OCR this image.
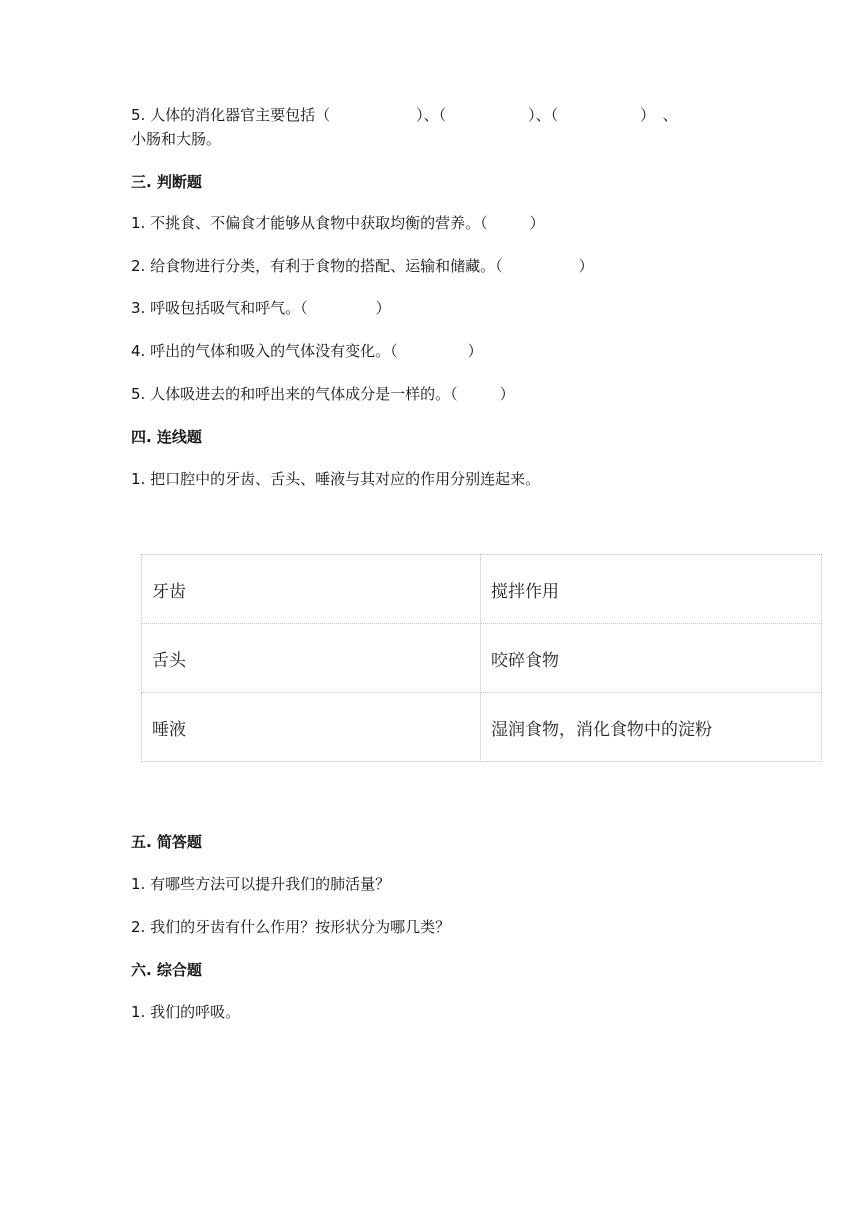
5. 人体的消化器官主要包括（	）、（	）、（	）　、
小肠和大肠。
三. 判断题
1. 不挑食、不偏食才能够从食物中获取均衡的营养。（	）
2. 给食物进行分类，有利于食物的搭配、运输和储藏。（	）
3. 呼吸包括吸气和呼气。（	）
4. 呼出的气体和吸入的气体没有变化。（	）
5. 人体吸进去的和呼出来的气体成分是一样的。（	）
四. 连线题
1. 把口腔中的牙齿、舌头、唾液与其对应的作用分别连起来。
牙齿	搅拌作用
舌头	咬碎食物
唾液	湿润食物，消化食物中的淀粉
五. 简答题
1. 有哪些方法可以提升我们的肺活量？
2. 我们的牙齿有什么作用？按形状分为哪几类？
六. 综合题
1. 我们的呼吸。
